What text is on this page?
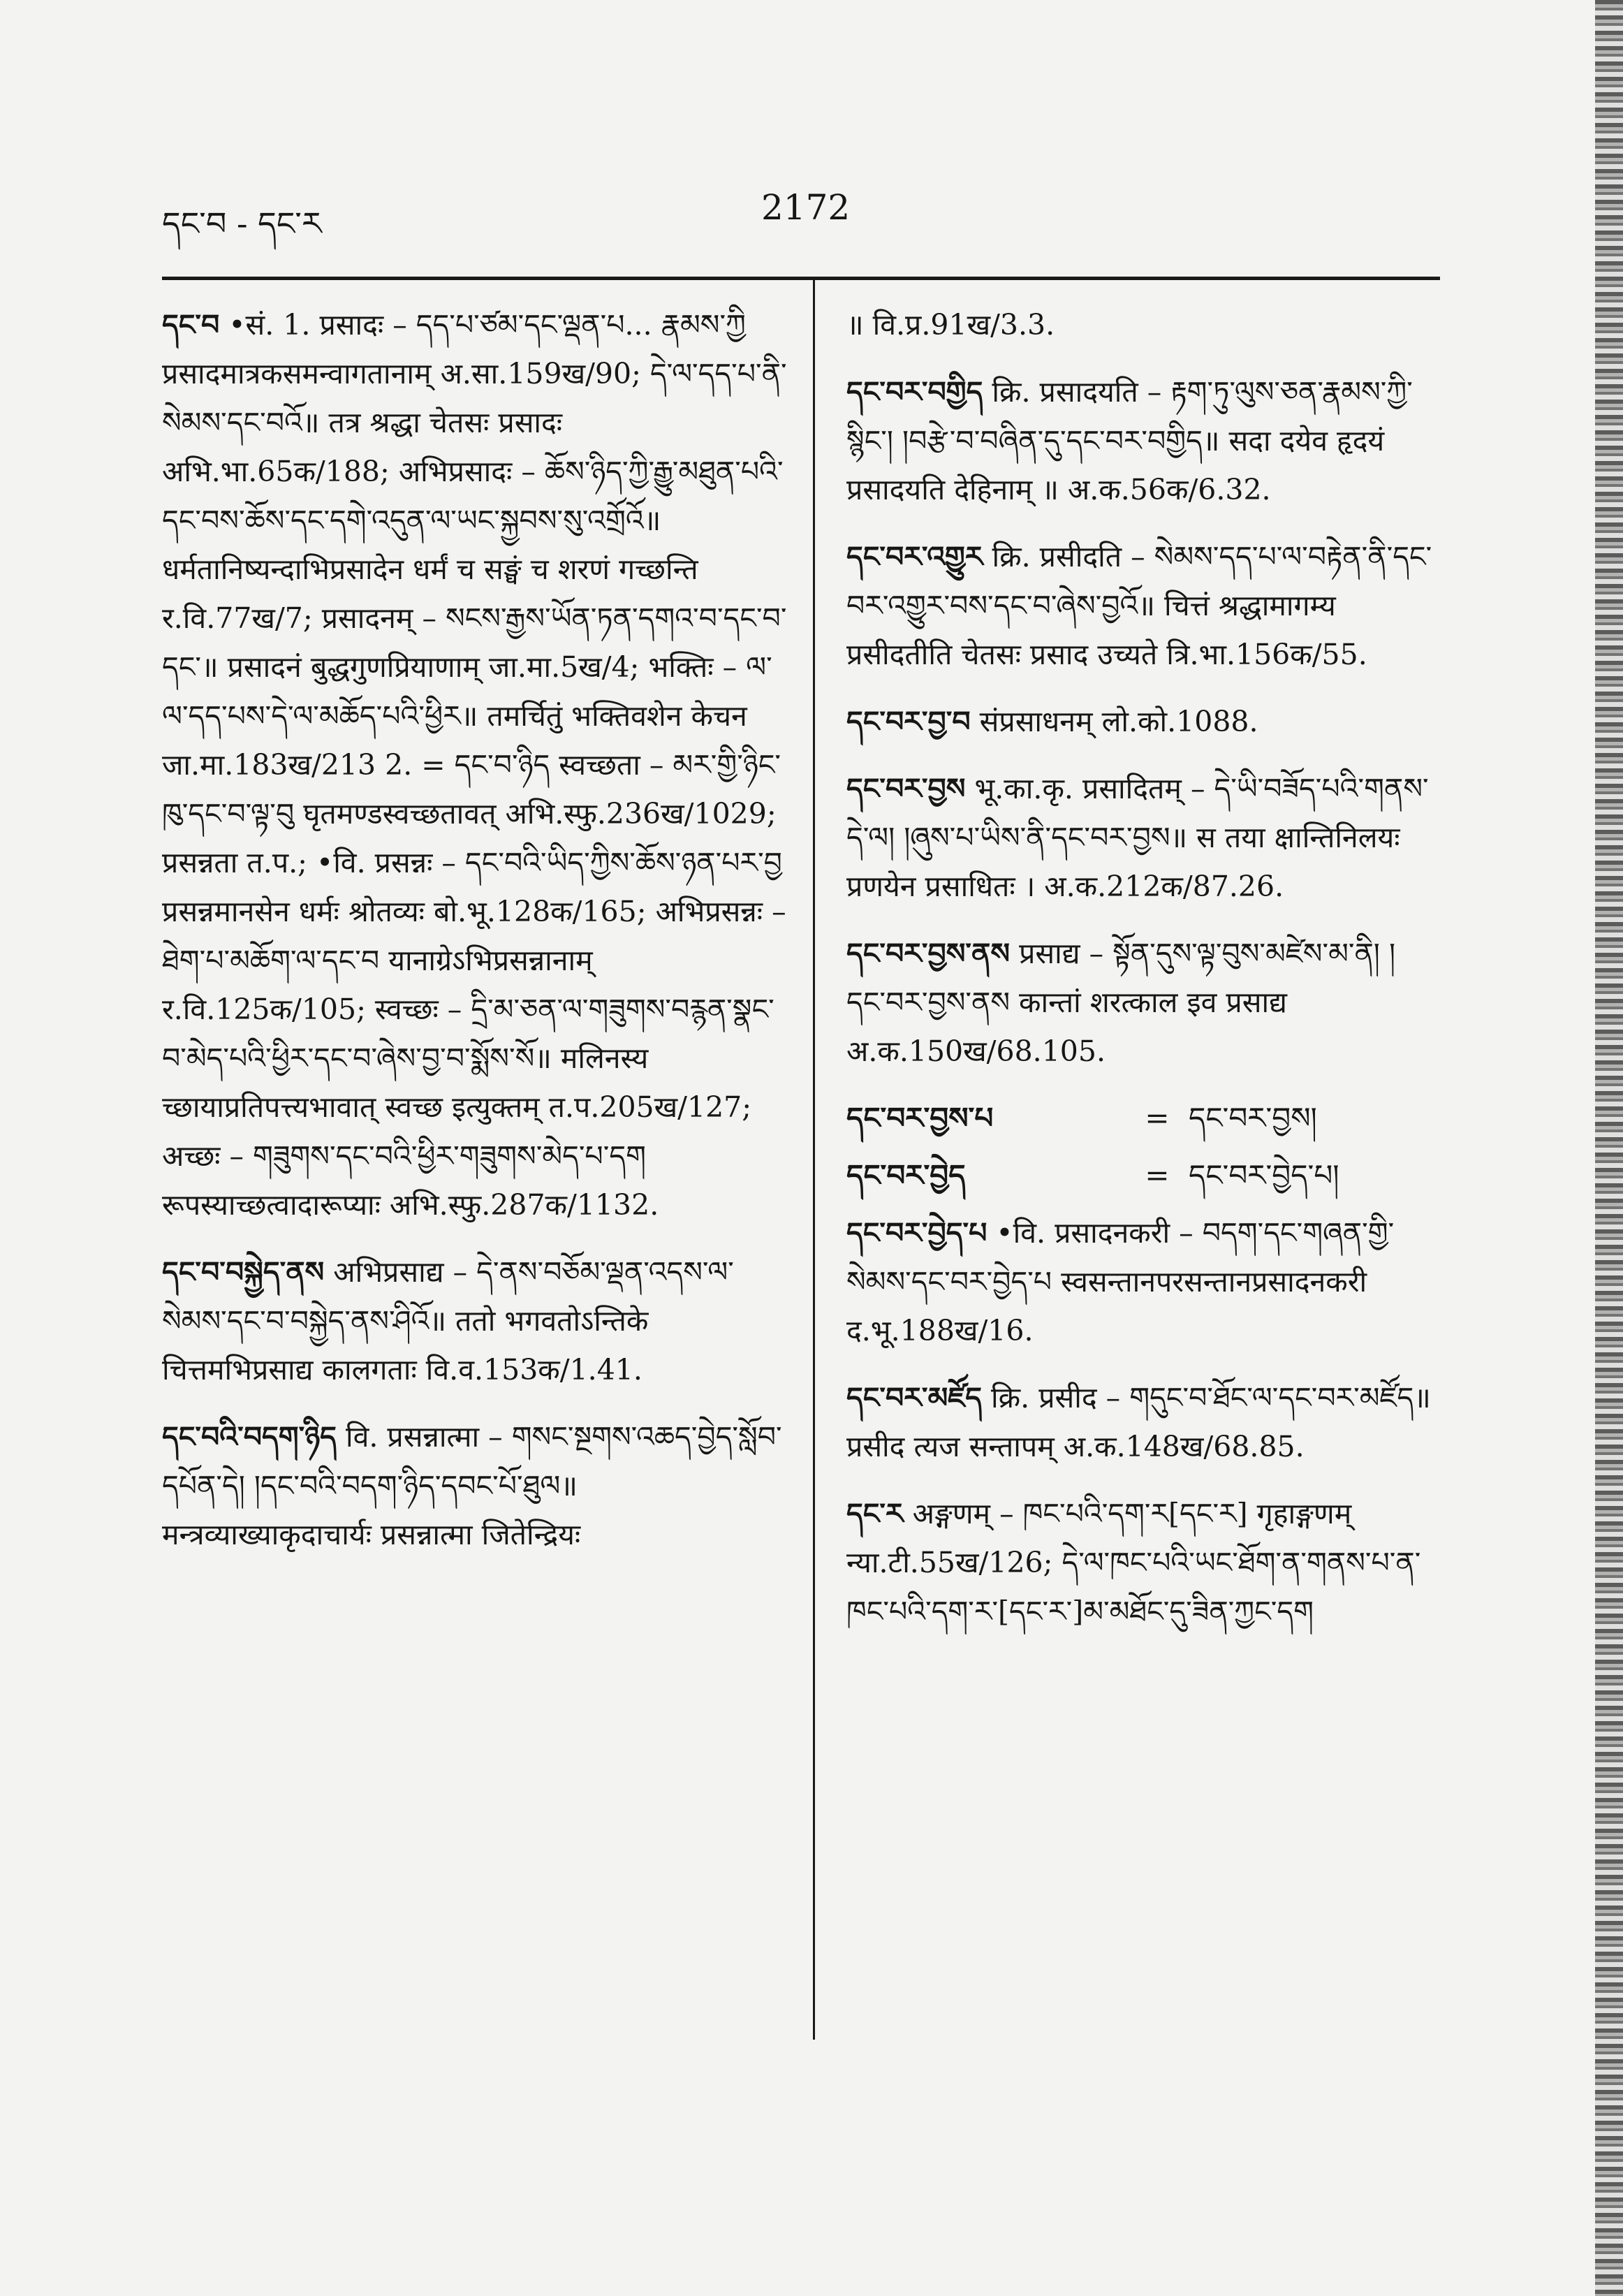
དང་བ - དང་ར	2172

དང་བ •सं. 1. प्रसादः – དད་པ་ཙམ་དང་ལྡན་པ... རྣམས་ཀྱི प्रसादमात्रकसमन्वागतानाम् अ.सा.159ख/90; དེ་ལ་དད་པ་ནི་སེམས་དང་བའོ॥ तत्र श्रद्धा चेतसः प्रसादः अभि.भा.65क/188; अभिप्रसादः – ཆོས་ཉིད་ཀྱི་རྒྱུ་མཐུན་པའི་དང་བས་ཆོས་དང་དགེ་འདུན་ལ་ཡང་སྐྱབས་སུ་འགྲོའོ॥ धर्मतानिष्यन्दाभिप्रसादेन धर्मं च सङ्घं च शरणं गच्छन्ति र.वि.77ख/7; प्रसादनम् – སངས་རྒྱས་ཡོན་ཏན་དགའ་བ་དང་བ་དང་॥ प्रसादनं बुद्धगुणप्रियाणाम् जा.मा.5ख/4; भक्तिः – ལ་ལ་དད་པས་དེ་ལ་མཆོད་པའི་ཕྱིར॥ तमर्चितुं भक्तिवशेन केचन जा.मा.183ख/213 2. = དང་བ་ཉིད स्वच्छता – མར་གྱི་ཉིང་ཁུ་དང་བ་ལྟ་བུ घृतमण्डस्वच्छतावत् अभि.स्फु.236ख/1029; प्रसन्नता त.प.; •वि. प्रसन्नः – དང་བའི་ཡིད་ཀྱིས་ཆོས་ཉན་པར་བྱ प्रसन्नमानसेन धर्मः श्रोतव्यः बो.भू.128क/165; अभिप्रसन्नः – ཐེག་པ་མཆོག་ལ་དང་བ यानाग्रेऽभिप्रसन्नानाम् र.वि.125क/105; स्वच्छः – དྲི་མ་ཅན་ལ་གཟུགས་བརྙན་སྣང་བ་མེད་པའི་ཕྱིར་དང་བ་ཞེས་བྱ་བ་སྨོས་སོ॥ मलिनस्य च्छायाप्रतिपत्त्यभावात् स्वच्छ इत्युक्तम् त.प.205ख/127; अच्छः – གཟུགས་དང་བའི་ཕྱིར་གཟུགས་མེད་པ་དག रूपस्याच्छत्वादारूप्याः अभि.स्फु.287क/1132.

དང་བ་བསྐྱེད་ནས अभिप्रसाद्य – དེ་ནས་བཅོམ་ལྡན་འདས་ལ་སེམས་དང་བ་བསྐྱེད་ནས་ཤིའོ॥ ततो भगवतोऽन्तिके चित्तमभिप्रसाद्य कालगताः वि.व.153क/1.41.

དང་བའི་བདག་ཉིད वि. प्रसन्नात्मा – གསང་སྔགས་འཆད་བྱེད་སློབ་དཔོན་དེ། །དང་བའི་བདག་ཉིད་དབང་པོ་ཐུལ॥ मन्त्रव्याख्याकृदाचार्यः प्रसन्नात्मा जितेन्द्रियः

॥ वि.प्र.91ख/3.3.

དང་བར་བགྱིད क्रि. प्रसादयति – རྟག་ཏུ་ལུས་ཅན་རྣམས་ཀྱི་སྙིང་། །བརྩེ་བ་བཞིན་དུ་དང་བར་བགྱིད॥ सदा दयेव हृदयं प्रसादयति देहिनाम् ॥ अ.क.56क/6.32.

དང་བར་འགྱུར क्रि. प्रसीदति – སེམས་དད་པ་ལ་བརྟེན་ནི་དང་བར་འགྱུར་བས་དང་བ་ཞེས་བྱའོ॥ चित्तं श्रद्धामागम्य प्रसीदतीति चेतसः प्रसाद उच्यते त्रि.भा.156क/55.

དང་བར་བྱ་བ संप्रसाधनम् लो.को.1088.

དང་བར་བྱས भू.का.कृ. प्रसादितम् – དེ་ཡི་བཟོད་པའི་གནས་དེ་ལ། །ཞུས་པ་ཡིས་ནི་དང་བར་བྱས॥ स तया क्षान्तिनिलयः प्रणयेन प्रसाधितः । अ.क.212क/87.26.

དང་བར་བྱས་ནས प्रसाद्य – སྟོན་དུས་ལྟ་བུས་མཛེས་མ་ནི། །དང་བར་བྱས་ནས कान्तां शरत्काल इव प्रसाद्य अ.क.150ख/68.105.

དང་བར་བྱས་པ	= དང་བར་བྱས།
དང་བར་བྱེད	= དང་བར་བྱེད་པ།

དང་བར་བྱེད་པ •वि. प्रसादनकरी – བདག་དང་གཞན་གྱི་སེམས་དང་བར་བྱེད་པ स्वसन्तानपरसन्तानप्रसादनकरी द.भू.188ख/16.

དང་བར་མཛོད क्रि. प्रसीद – གདུང་བ་ཐོང་ལ་དང་བར་མཛོད॥ प्रसीद त्यज सन्तापम् अ.क.148ख/68.85.

དང་ར अङ्गणम् – ཁང་པའི་དག་ར[དང་ར] गृहाङ्गणम् न्या.टी.55ख/126; དེ་ལ་ཁང་པའི་ཡང་ཐོག་ན་གནས་པ་ན་ཁང་པའི་དག་ར་[དང་ར་]མ་མཐོང་དུ་ཟིན་ཀྱང་དག
